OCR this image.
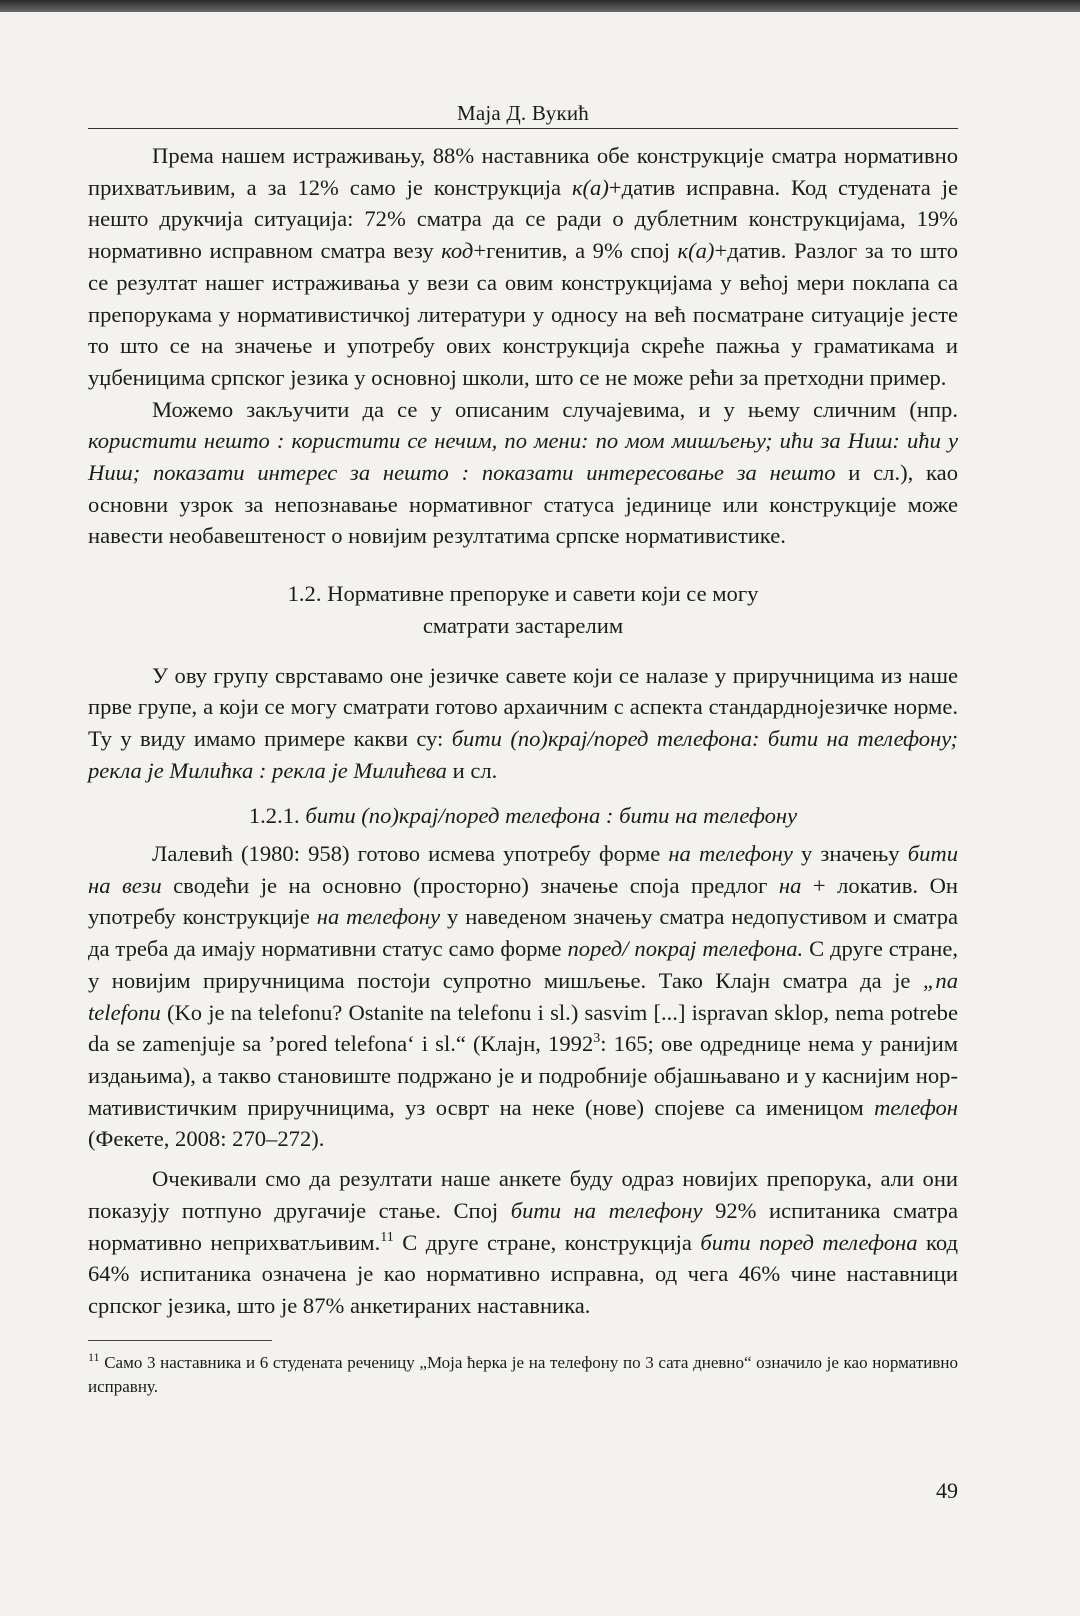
Маја Д. Вукић

Према нашем истраживању, 88% наставника обе конструкције сматра нормативно прихватљивим, а за 12% само је конструкција к(а)+датив исправна. Код студената је нешто друкчија ситуација: 72% сматра да се ради о дублетним конструкцијама, 19% нормативно исправном сматра везу код+генитив, а 9% спој к(а)+датив. Разлог за то што се резултат нашег истраживања у вези са овим конструкцијама у већој мери поклапа са препорукама у нормативистичкој литератури у односу на већ посматране ситуације јесте то што се на значење и употребу ових конструкција скреће пажња у граматикама и уџбеницима српског језика у основној школи, што се не може рећи за претходни пример.

Можемо закључити да се у описаним случајевима, и у њему сличним (нпр. користити нешто : користити се нечим, по мени: по мом мишљењу; ићи за Ниш: ићи у Ниш; показати интерес за нешто : показати интересовање за нешто и сл.), као основни узрок за непознавање нормативног статуса јединице или конструкције може навести необавештеност о новијим резултатима српске нормативистике.

1.2. Нормативне препоруке и савети који се могу
сматрати застарелим

У ову групу сврставамо оне језичке савете који се налазе у приручницима из наше прве групе, а који се могу сматрати готово архаичним с аспекта стандарднојезичке норме. Ту у виду имамо примере какви су: бити (по)крај/поред телефона: бити на телефону; рекла је Милићка : рекла је Милићева и сл.

1.2.1. бити (по)крај/поред телефона : бити на телефону

Лалевић (1980: 958) готово исмева употребу форме на телефону у значењу бити на вези сводећи је на основно (просторно) значење споја предлог на + локатив. Он употребу конструкције на телефону у наведеном значењу сматра недопустивом и сматра да треба да имају нормативни статус само форме поред/ покрај телефона. С друге стране, у новијим приручницима постоји супротно мишљење. Тако Клајн сматра да је „na telefonu (Ko je na telefonu? Ostanite na telefonu i sl.) sasvim [...] ispravan sklop, nema potrebe da se zamenjuje sa ’pored telefona‘ i sl.“ (Клајн, 1992$^3$: 165; ове одреднице нема у ранијим издањима), а такво становиште подржано је и подробније објашњавано и у каснијим нормативистичким приручницима, уз осврт на неке (нове) спојеве са именицом телефон (Фекете, 2008: 270–272).

Очекивали смо да резултати наше анкете буду одраз новијих препорука, али они показују потпуно другачије стање. Спој бити на телефону 92% испитаника сматра нормативно неприхватљивим.$^{11}$ С друге стране, конструкција бити поред телефона код 64% испитаника означена је као нормативно исправна, од чега 46% чине наставници српског језика, што је 87% анкетираних наставника.

$^{11}$ Само 3 наставника и 6 студената реченицу „Моја ћерка је на телефону по 3 сата дневно“ означило је као нормативно исправну.

49
